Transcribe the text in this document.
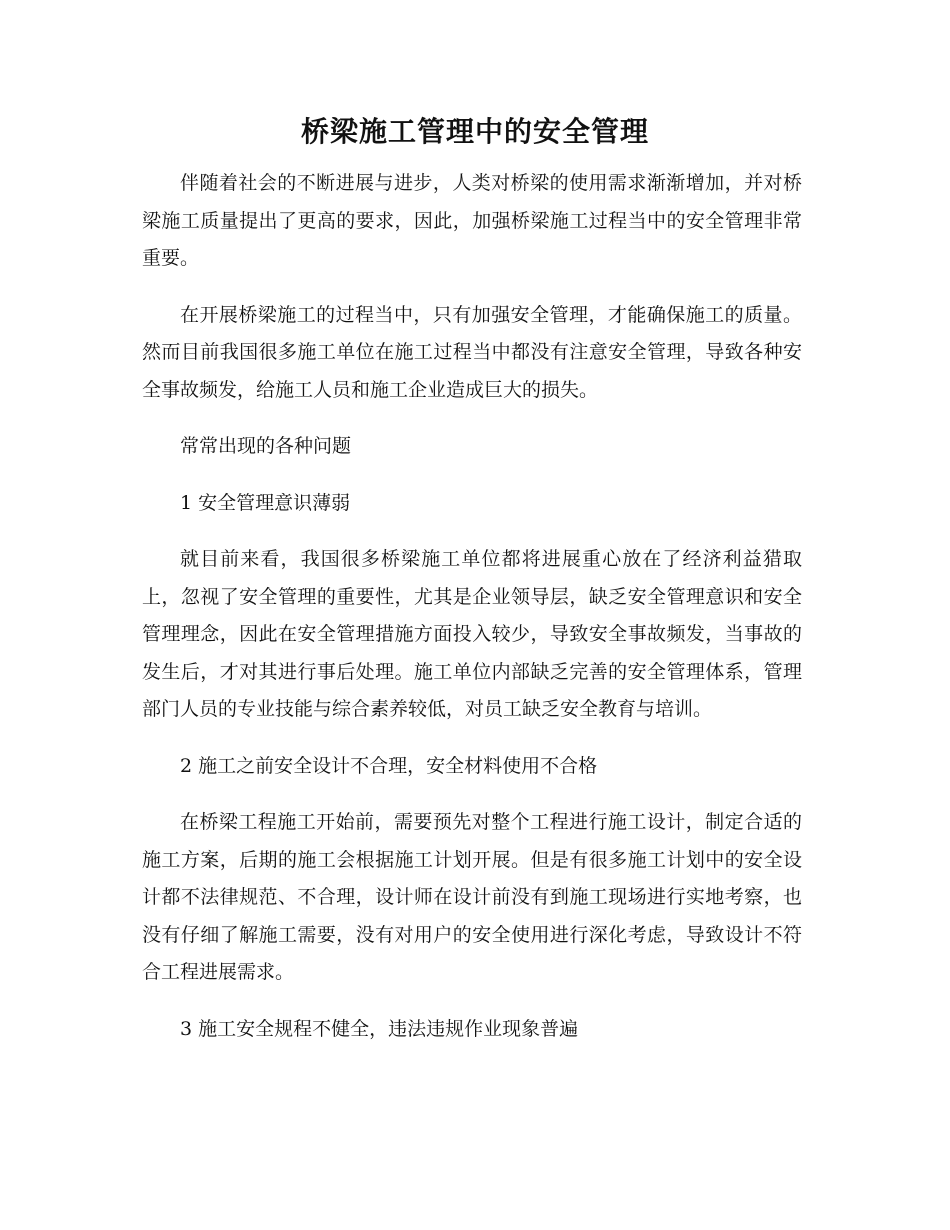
桥梁施工管理中的安全管理

伴随着社会的不断进展与进步，人类对桥梁的使用需求渐渐增加，并对桥梁施工质量提出了更高的要求，因此，加强桥梁施工过程当中的安全管理非常重要。

在开展桥梁施工的过程当中，只有加强安全管理，才能确保施工的质量。然而目前我国很多施工单位在施工过程当中都没有注意安全管理，导致各种安全事故频发，给施工人员和施工企业造成巨大的损失。

常常出现的各种问题

1 安全管理意识薄弱

就目前来看，我国很多桥梁施工单位都将进展重心放在了经济利益猎取上，忽视了安全管理的重要性，尤其是企业领导层，缺乏安全管理意识和安全管理理念，因此在安全管理措施方面投入较少，导致安全事故频发，当事故的发生后，才对其进行事后处理。施工单位内部缺乏完善的安全管理体系，管理部门人员的专业技能与综合素养较低，对员工缺乏安全教育与培训。

2 施工之前安全设计不合理，安全材料使用不合格

在桥梁工程施工开始前，需要预先对整个工程进行施工设计，制定合适的施工方案，后期的施工会根据施工计划开展。但是有很多施工计划中的安全设计都不法律规范、不合理，设计师在设计前没有到施工现场进行实地考察，也没有仔细了解施工需要，没有对用户的安全使用进行深化考虑，导致设计不符合工程进展需求。

3 施工安全规程不健全，违法违规作业现象普遍
